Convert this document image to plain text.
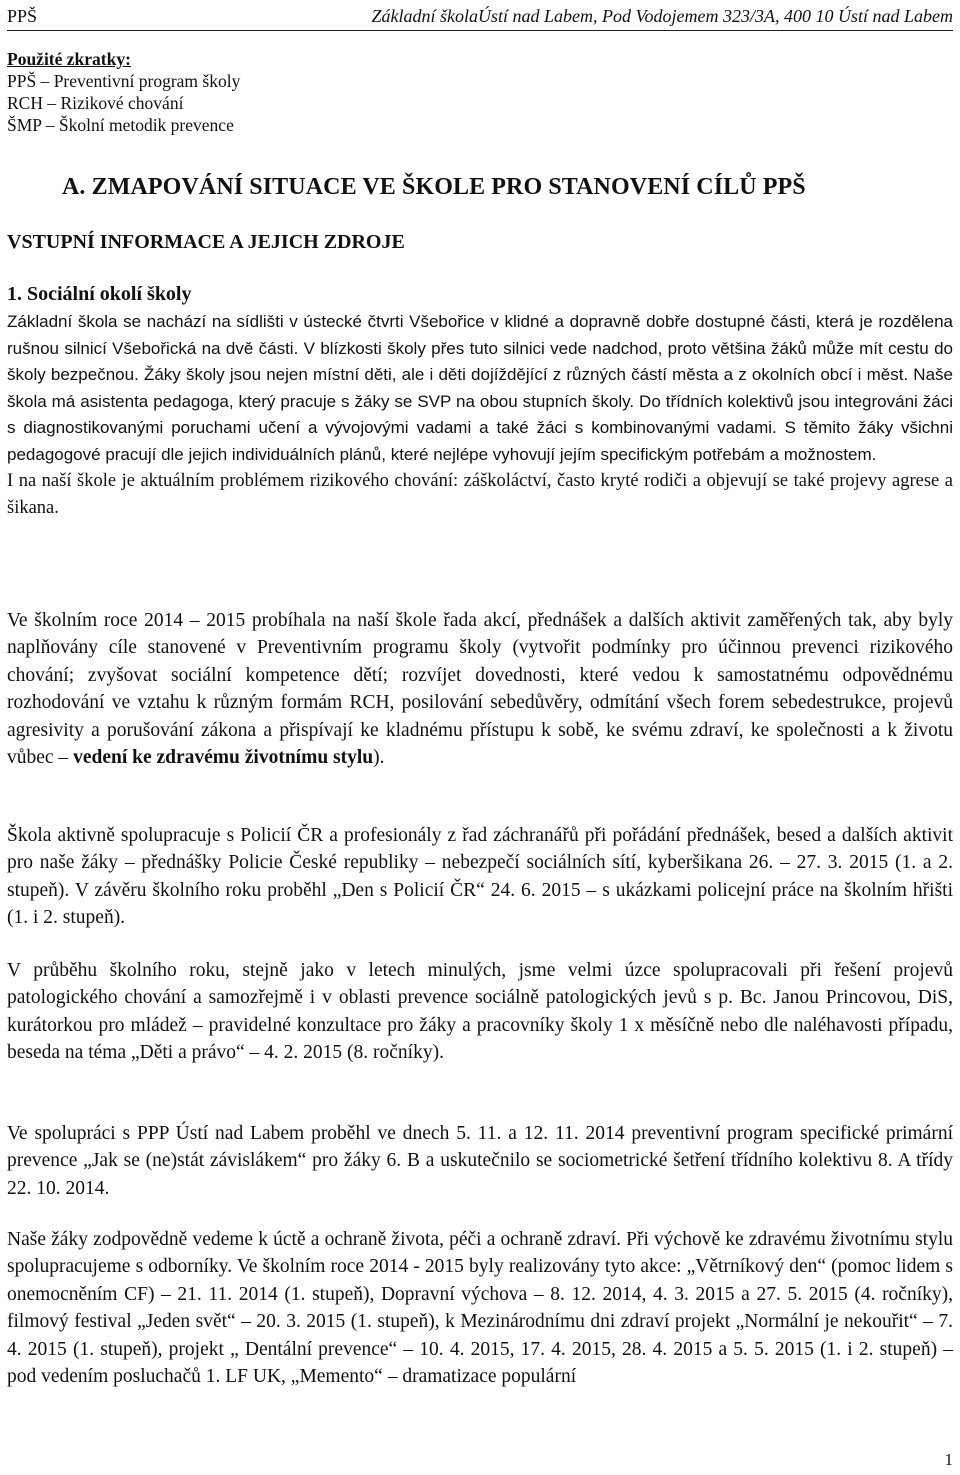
PPŠ	Základní školaÚstí nad Labem, Pod Vodojemem 323/3A, 400 10 Ústí nad Labem
Použité zkratky:
PPŠ – Preventivní program školy
RCH – Rizikové chování
ŠMP – Školní metodik prevence
A. ZMAPOVÁNÍ SITUACE VE ŠKOLE PRO STANOVENÍ CÍLŮ PPŠ
VSTUPNÍ INFORMACE A JEJICH ZDROJE
1. Sociální okolí školy

Základní škola se nachází na sídlišti v ústecké čtvrti Všebořice v klidné a dopravně dobře dostupné části, která je rozdělena rušnou silnicí Všebořická na dvě části. V blízkosti školy přes tuto silnici vede nadchod, proto většina žáků může mít cestu do školy bezpečnou. Žáky školy jsou nejen místní děti, ale i děti dojíždějící z různých částí města a z okolních obcí i měst. Naše škola má asistenta pedagoga, který pracuje s žáky se SVP na obou stupních školy. Do třídních kolektivů jsou integrováni žáci s diagnostikovanými poruchami učení a vývojovými vadami a také žáci s kombinovanými vadami. S těmito žáky všichni pedagogové pracují dle jejich individuálních plánů, které nejlépe vyhovují jejím specifickým potřebám a možnostem.

I na naší škole je aktuálním problémem rizikového chování: záškoláctví, často kryté rodiči a objevují se také projevy agrese a šikana.

Ve školním roce 2014 – 2015 probíhala na naší škole řada akcí, přednášek a dalších aktivit zaměřených tak, aby byly naplňovány cíle stanovené v Preventivním programu školy (vytvořit podmínky pro účinnou prevenci rizikového chování; zvyšovat sociální kompetence dětí; rozvíjet dovednosti, které vedou k samostatnému odpovědnému rozhodování ve vztahu k různým formám RCH, posilování sebedůvěry, odmítání všech forem sebedestrukce, projevů agresivity a porušování zákona a přispívají ke kladnému přístupu k sobě, ke svému zdraví, ke společnosti a k životu vůbec – vedení ke zdravému životnímu stylu).

Škola aktivně spolupracuje s Policií ČR a profesionály z řad záchranářů při pořádání přednášek, besed a dalších aktivit pro naše žáky – přednášky Policie České republiky – nebezpečí sociálních sítí, kyberšikana 26. – 27. 3. 2015 (1. a 2. stupeň). V závěru školního roku proběhl „Den s Policií ČR“ 24. 6. 2015 – s ukázkami policejní práce na školním hřišti (1. i 2. stupeň).

V průběhu školního roku, stejně jako v letech minulých, jsme velmi úzce spolupracovali při řešení projevů patologického chování a samozřejmě i v oblasti prevence sociálně patologických jevů s p. Bc. Janou Princovou, DiS, kurátorkou pro mládež – pravidelné konzultace pro žáky a pracovníky školy 1 x měsíčně nebo dle naléhavosti případu, beseda na téma „Děti a právo“ – 4. 2. 2015 (8. ročníky).

Ve spolupráci s PPP Ústí nad Labem proběhl ve dnech 5. 11. a 12. 11. 2014 preventivní program specifické primární prevence „Jak se (ne)stát závislákem“ pro žáky 6. B a uskutečnilo se sociometrické šetření třídního kolektivu 8. A třídy 22. 10. 2014.

Naše žáky zodpovědně vedeme k úctě a ochraně života, péči a ochraně zdraví. Při výchově ke zdravému životnímu stylu spolupracujeme s odborníky. Ve školním roce 2014 - 2015 byly realizovány tyto akce: „Větrníkový den“ (pomoc lidem s onemocněním CF) – 21. 11. 2014 (1. stupeň), Dopravní výchova – 8. 12. 2014, 4. 3. 2015 a 27. 5. 2015 (4. ročníky), filmový festival „Jeden svět“ – 20. 3. 2015 (1. stupeň), k Mezinárodnímu dni zdraví projekt „Normální je nekouřit“ – 7. 4. 2015 (1. stupeň), projekt „ Dentální prevence“ – 10. 4. 2015, 17. 4. 2015, 28. 4. 2015 a 5. 5. 2015 (1. i 2. stupeň) – pod vedením posluchačů 1. LF UK, „Memento“ – dramatizace populární

1
